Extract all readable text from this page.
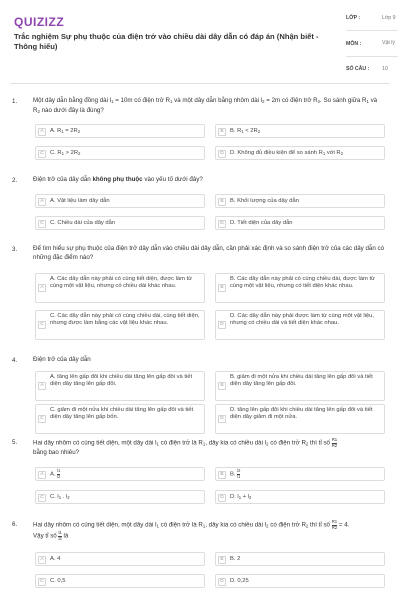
QUIZIZZ
Trắc nghiệm Sự phụ thuộc của điện trở vào chiều dài dây dẫn có đáp án (Nhận biết - Thông hiểu)
LỚP :	Lớp 9
MÔN :	Vật lý
SỐ CÂU : 10
1.	Một dây dẫn bằng đồng dài $l_1 = 10m$ có điện trở $R_1$ và một dây dẫn bằng nhôm dài $l_2 = 2m$ có điện trở $R_2$. So sánh giữa $R_1$ và $R_2$ nào dưới đây là đúng?
A	A. $R_1 = 2R_2$	B	B. $R_1 < 2R_2$
C	C. $R_1 > 2R_2$	D	D. Không đủ điều kiện để so sánh $R_1$ với $R_2$
2.	Điện trở của dây dẫn không phụ thuộc vào yếu tố dưới đây?
A	A. Vật liệu làm dây dẫn	B	B. Khối lượng của dây dẫn
C	C. Chiều dài của dây dẫn	D	D. Tiết diện của dây dẫn
3.	Để tìm hiểu sự phụ thuộc của điện trở dây dẫn vào chiều dài dây dẫn, cần phải xác định và so sánh điện trở của các dây dẫn có những đặc điểm nào?
A
A. Các dây dẫn này phải có cùng tiết diện, được làm từ cùng một vật liệu, nhưng có chiều dài khác nhau.	B
B. Các dây dẫn này phải có cùng chiều dài, được làm từ cùng một vật liệu, nhưng có tiết diện khác nhau.
C
C. Các dây dẫn này phải có cùng chiều dài, cùng tiết diện, nhưng được làm bằng các vật liệu khác nhau.	D
D. Các dây dẫn này phải được làm từ cùng một vật liệu, nhưng có chiều dài và tiết diện khác nhau.
4.	Điện trở của dây dẫn
A
A. tăng lên gấp đôi khi chiều dài tăng lên gấp đôi và tiết diện dây tăng lên gấp đôi.	B
B. giảm đi một nửa khi chiều dài tăng lên gấp đôi và tiết diện dây tăng lên gấp đôi.
C
C. giảm đi một nửa khi chiều dài tăng lên gấp đôi và tiết diện dây tăng lên gấp bốn.	D
D. tăng lên gấp đôi khi chiều dài tăng lên gấp đôi và tiết diện dây giảm đi một nửa.
5.	Hai dây nhôm có cùng tiết diện, một dây dài $l_1$ có điện trở là $R_1$, dây kia có chiều dài $l_2$ có điện trở $R_2$ thì tỉ số $\frac{R1}{R2}$

bằng bao nhiêu?
A	A. $\frac{l1}{l2}$	B	B. $\frac{l2}{l1}$
C	C. $l_1$ . $l_2$	D	D. $l_1 + l_2$
6.	Hai dây nhôm có cùng tiết diện, một dây dài $l_1$ có điện trở là $R_1$, dây kia có chiều dài $l_2$ có điện trở $R_2$ thì tỉ số $\frac{R1}{R2} = 4$.
Vậy tỉ số $\frac{l1}{l2}$ là
A	A. 4	B	B. 2
C	C. 0,5	D	D. 0,25
